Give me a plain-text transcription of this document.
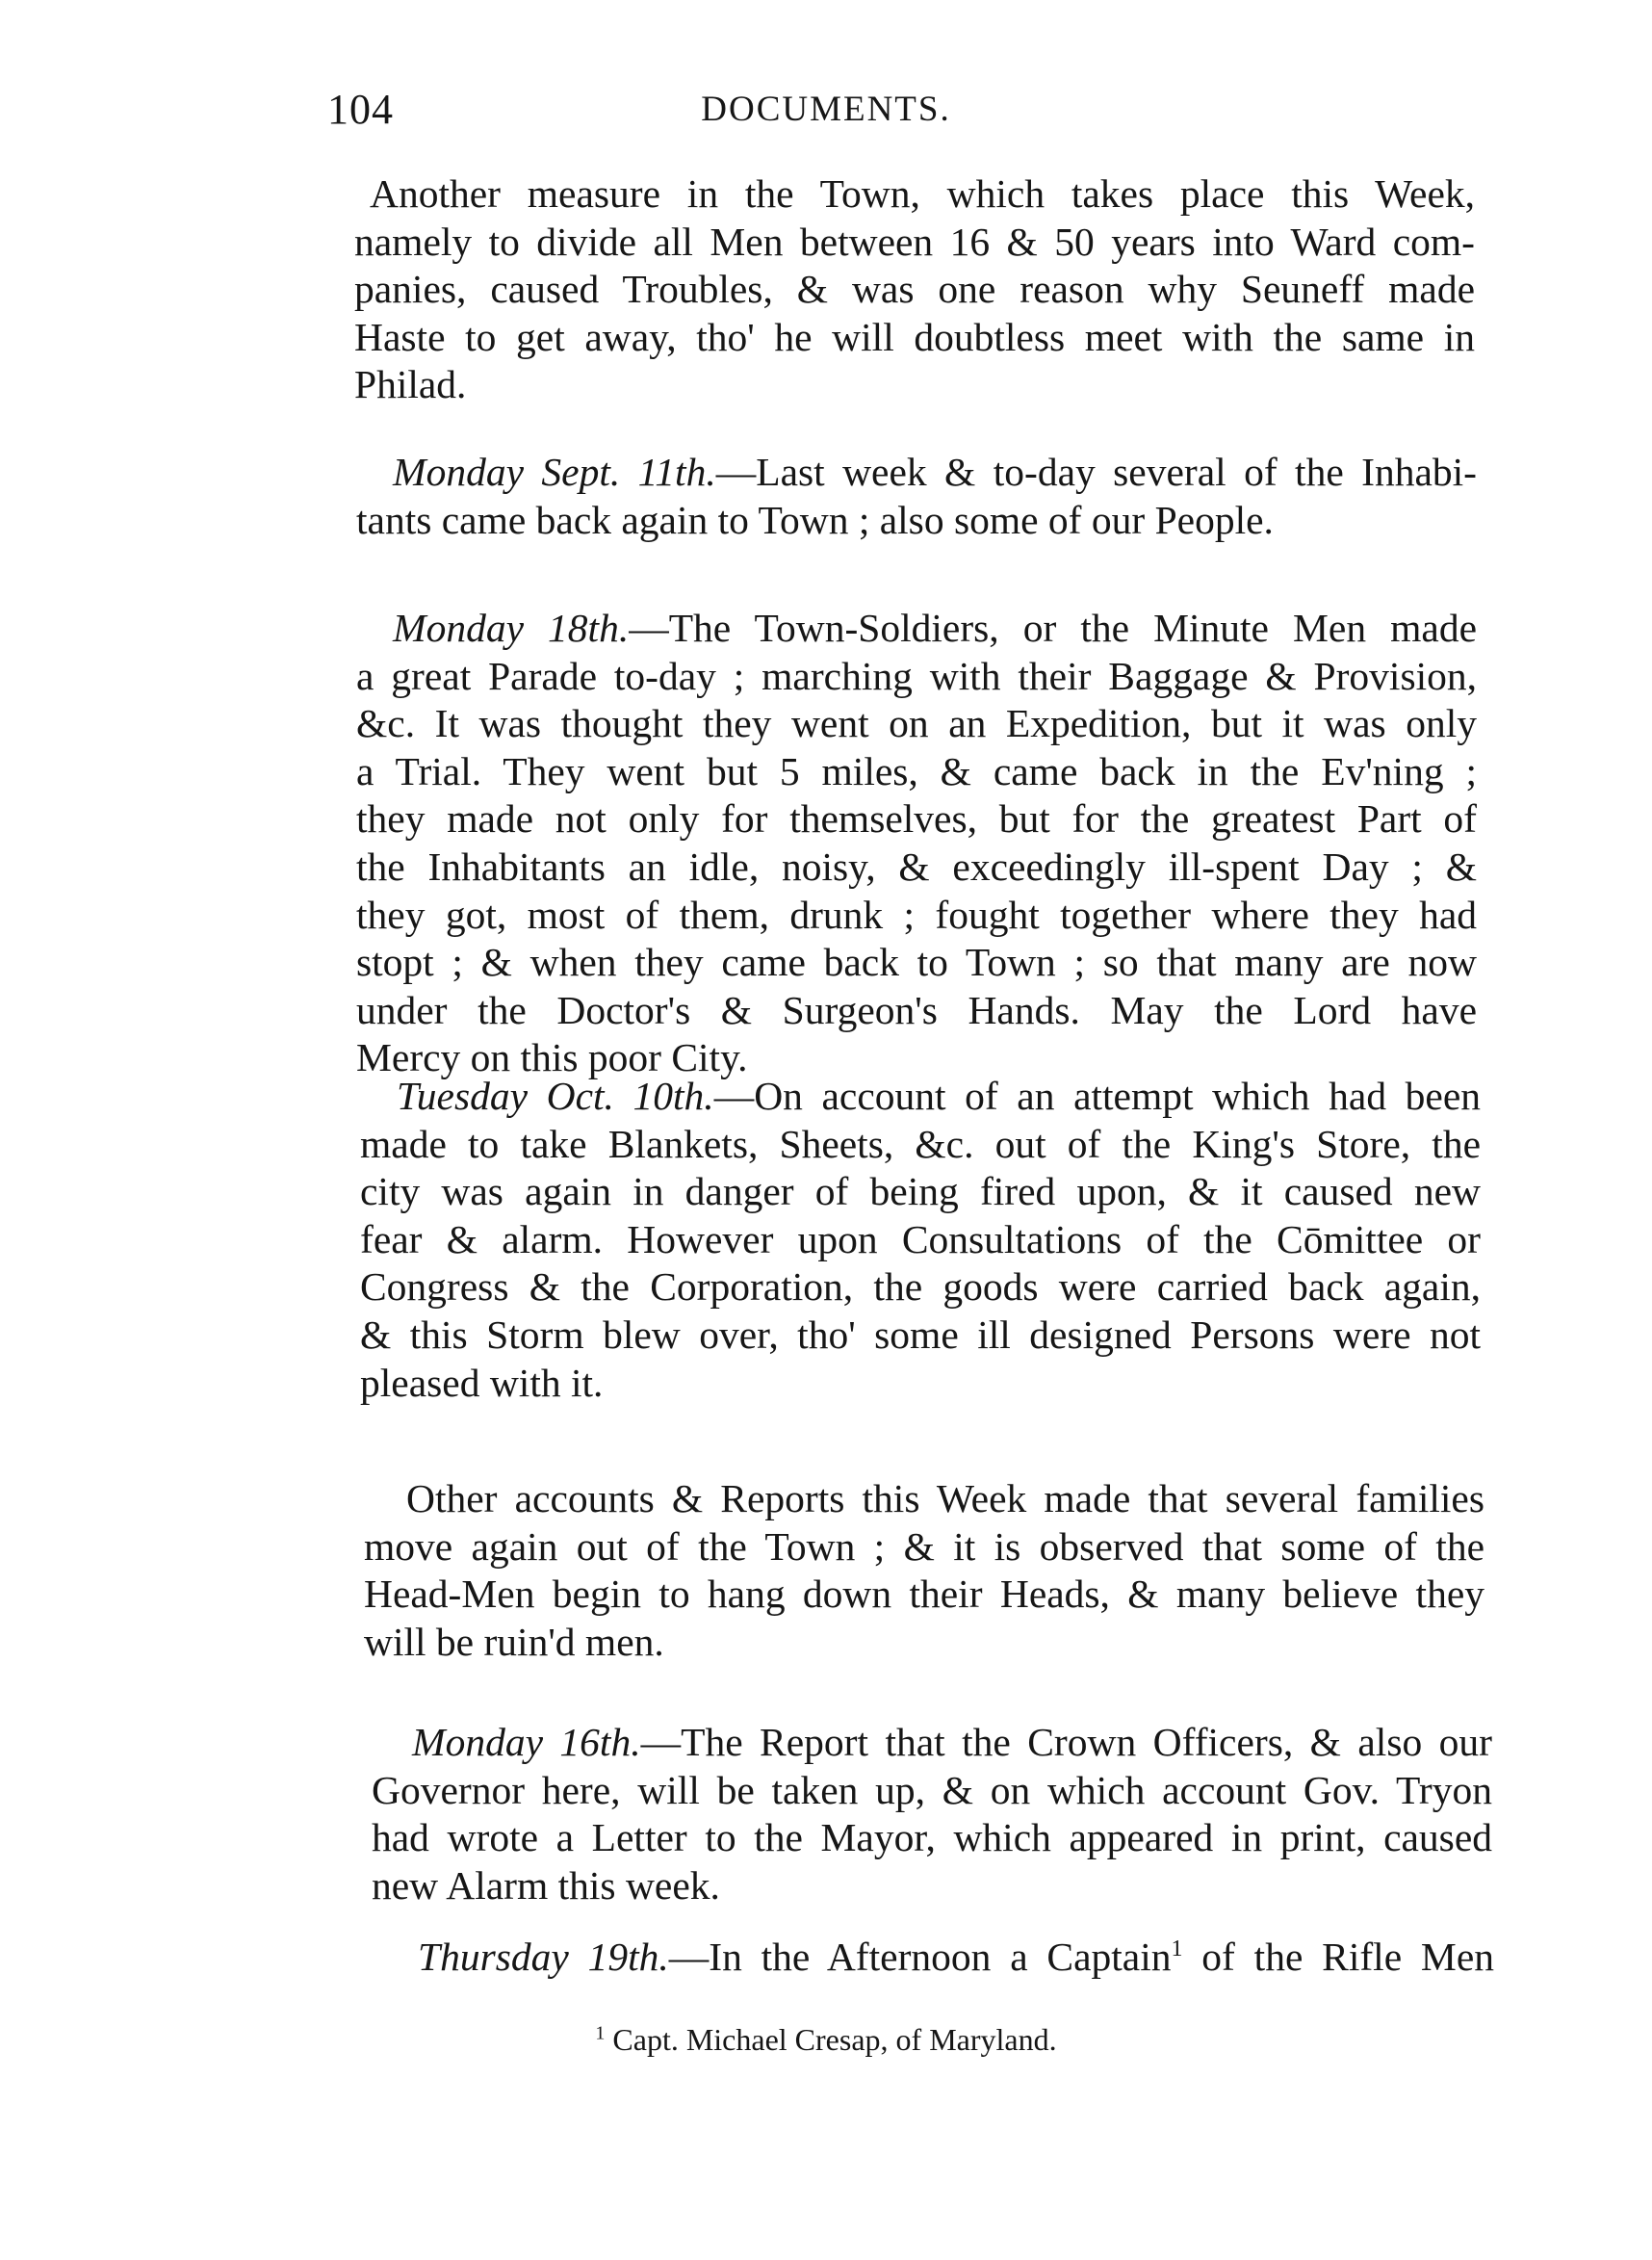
104	DOCUMENTS.
Another measure in the Town, which takes place this Week,
namely to divide all Men between 16 & 50 years into Ward com-
panies, caused Troubles, & was one reason why Seuneff made
Haste to get away, tho' he will doubtless meet with the same in
Philad.
Monday Sept. 11th.—Last week & to-day several of the Inhabi-
tants came back again to Town ; also some of our People.
Monday 18th.—The Town-Soldiers, or the Minute Men made
a great Parade to-day ; marching with their Baggage & Provision,
&c. It was thought they went on an Expedition, but it was only
a Trial. They went but 5 miles, & came back in the Ev'ning ;
they made not only for themselves, but for the greatest Part of
the Inhabitants an idle, noisy, & exceedingly ill-spent Day ; &
they got, most of them, drunk ; fought together where they had
stopt ; & when they came back to Town ; so that many are now
under the Doctor's & Surgeon's Hands. May the Lord have
Mercy on this poor City.
Tuesday Oct. 10th.—On account of an attempt which had been
made to take Blankets, Sheets, &c. out of the King's Store, the
city was again in danger of being fired upon, & it caused new
fear & alarm. However upon Consultations of the Cōmittee or
Congress & the Corporation, the goods were carried back again,
& this Storm blew over, tho' some ill designed Persons were not
pleased with it.
Other accounts & Reports this Week made that several families
move again out of the Town ; & it is observed that some of the
Head-Men begin to hang down their Heads, & many believe they
will be ruin'd men.
Monday 16th.—The Report that the Crown Officers, & also our
Governor here, will be taken up, & on which account Gov. Tryon
had wrote a Letter to the Mayor, which appeared in print, caused
new Alarm this week.
Thursday 19th.—In the Afternoon a Captain$^1$ of the Rifle Men
$^1$ Capt. Michael Cresap, of Maryland.
